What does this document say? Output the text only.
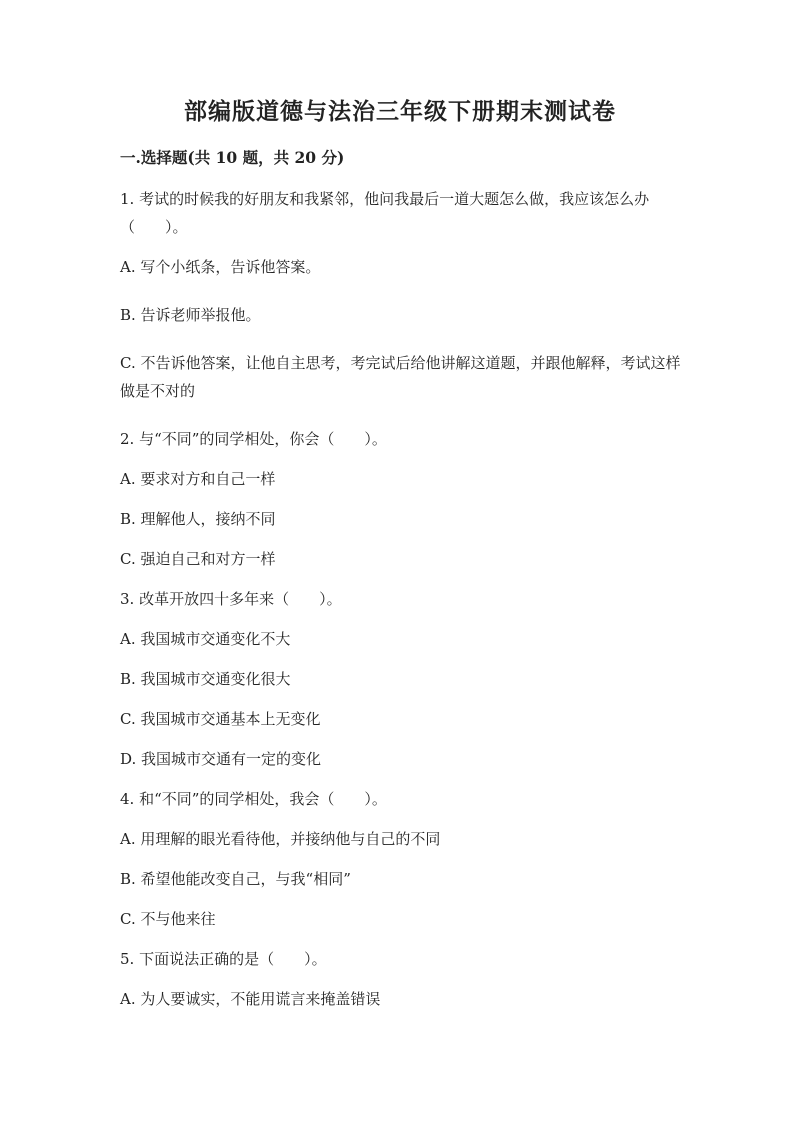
部编版道德与法治三年级下册期末测试卷
一.选择题(共 10 题，共 20 分)

1. 考试的时候我的好朋友和我紧邻，他问我最后一道大题怎么做，我应该怎么办（　　）。

A. 写个小纸条，告诉他答案。

B. 告诉老师举报他。

C. 不告诉他答案，让他自主思考，考完试后给他讲解这道题，并跟他解释，考试这样做是不对的

2. 与“不同”的同学相处，你会（　　）。

A. 要求对方和自己一样

B. 理解他人，接纳不同

C. 强迫自己和对方一样

3. 改革开放四十多年来（　　）。

A. 我国城市交通变化不大

B. 我国城市交通变化很大

C. 我国城市交通基本上无变化

D. 我国城市交通有一定的变化

4. 和“不同”的同学相处，我会（　　）。

A. 用理解的眼光看待他，并接纳他与自己的不同

B. 希望他能改变自己，与我“相同”

C. 不与他来往

5. 下面说法正确的是（　　）。

A. 为人要诚实，不能用谎言来掩盖错误
